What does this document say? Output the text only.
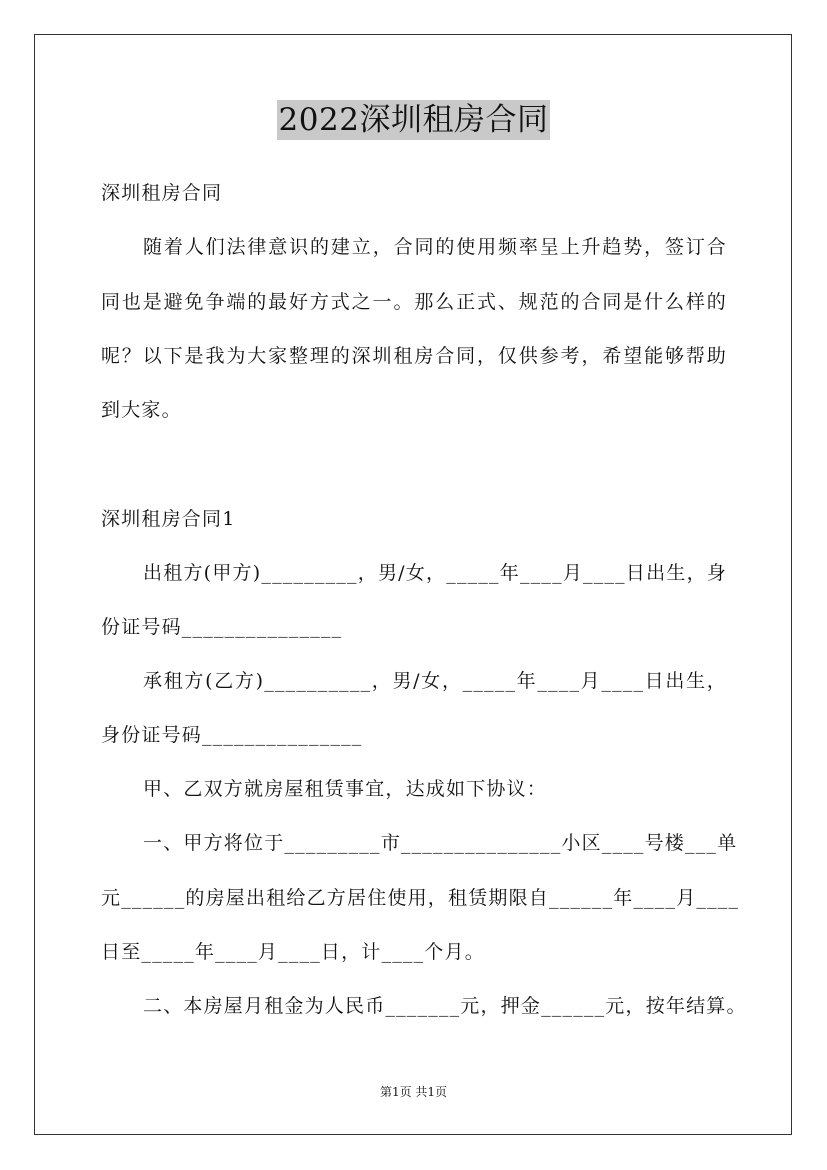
2022深圳租房合同
深圳租房合同
随着人们法律意识的建立，合同的使用频率呈上升趋势，签订合
同也是避免争端的最好方式之一。那么正式、规范的合同是什么样的
呢？以下是我为大家整理的深圳租房合同，仅供参考，希望能够帮助
到大家。
深圳租房合同1
出租方(甲方)_________，男/女，_____年____月____日出生，身
份证号码_______________
承租方(乙方)__________，男/女，_____年____月____日出生，
身份证号码_______________
甲、乙双方就房屋租赁事宜，达成如下协议：
一、甲方将位于_________市_______________小区____号楼___单
元______的房屋出租给乙方居住使用，租赁期限自______年____月____
日至_____年____月____日，计____个月。
二、本房屋月租金为人民币_______元，押金______元，按年结算。
第1页 共1页
